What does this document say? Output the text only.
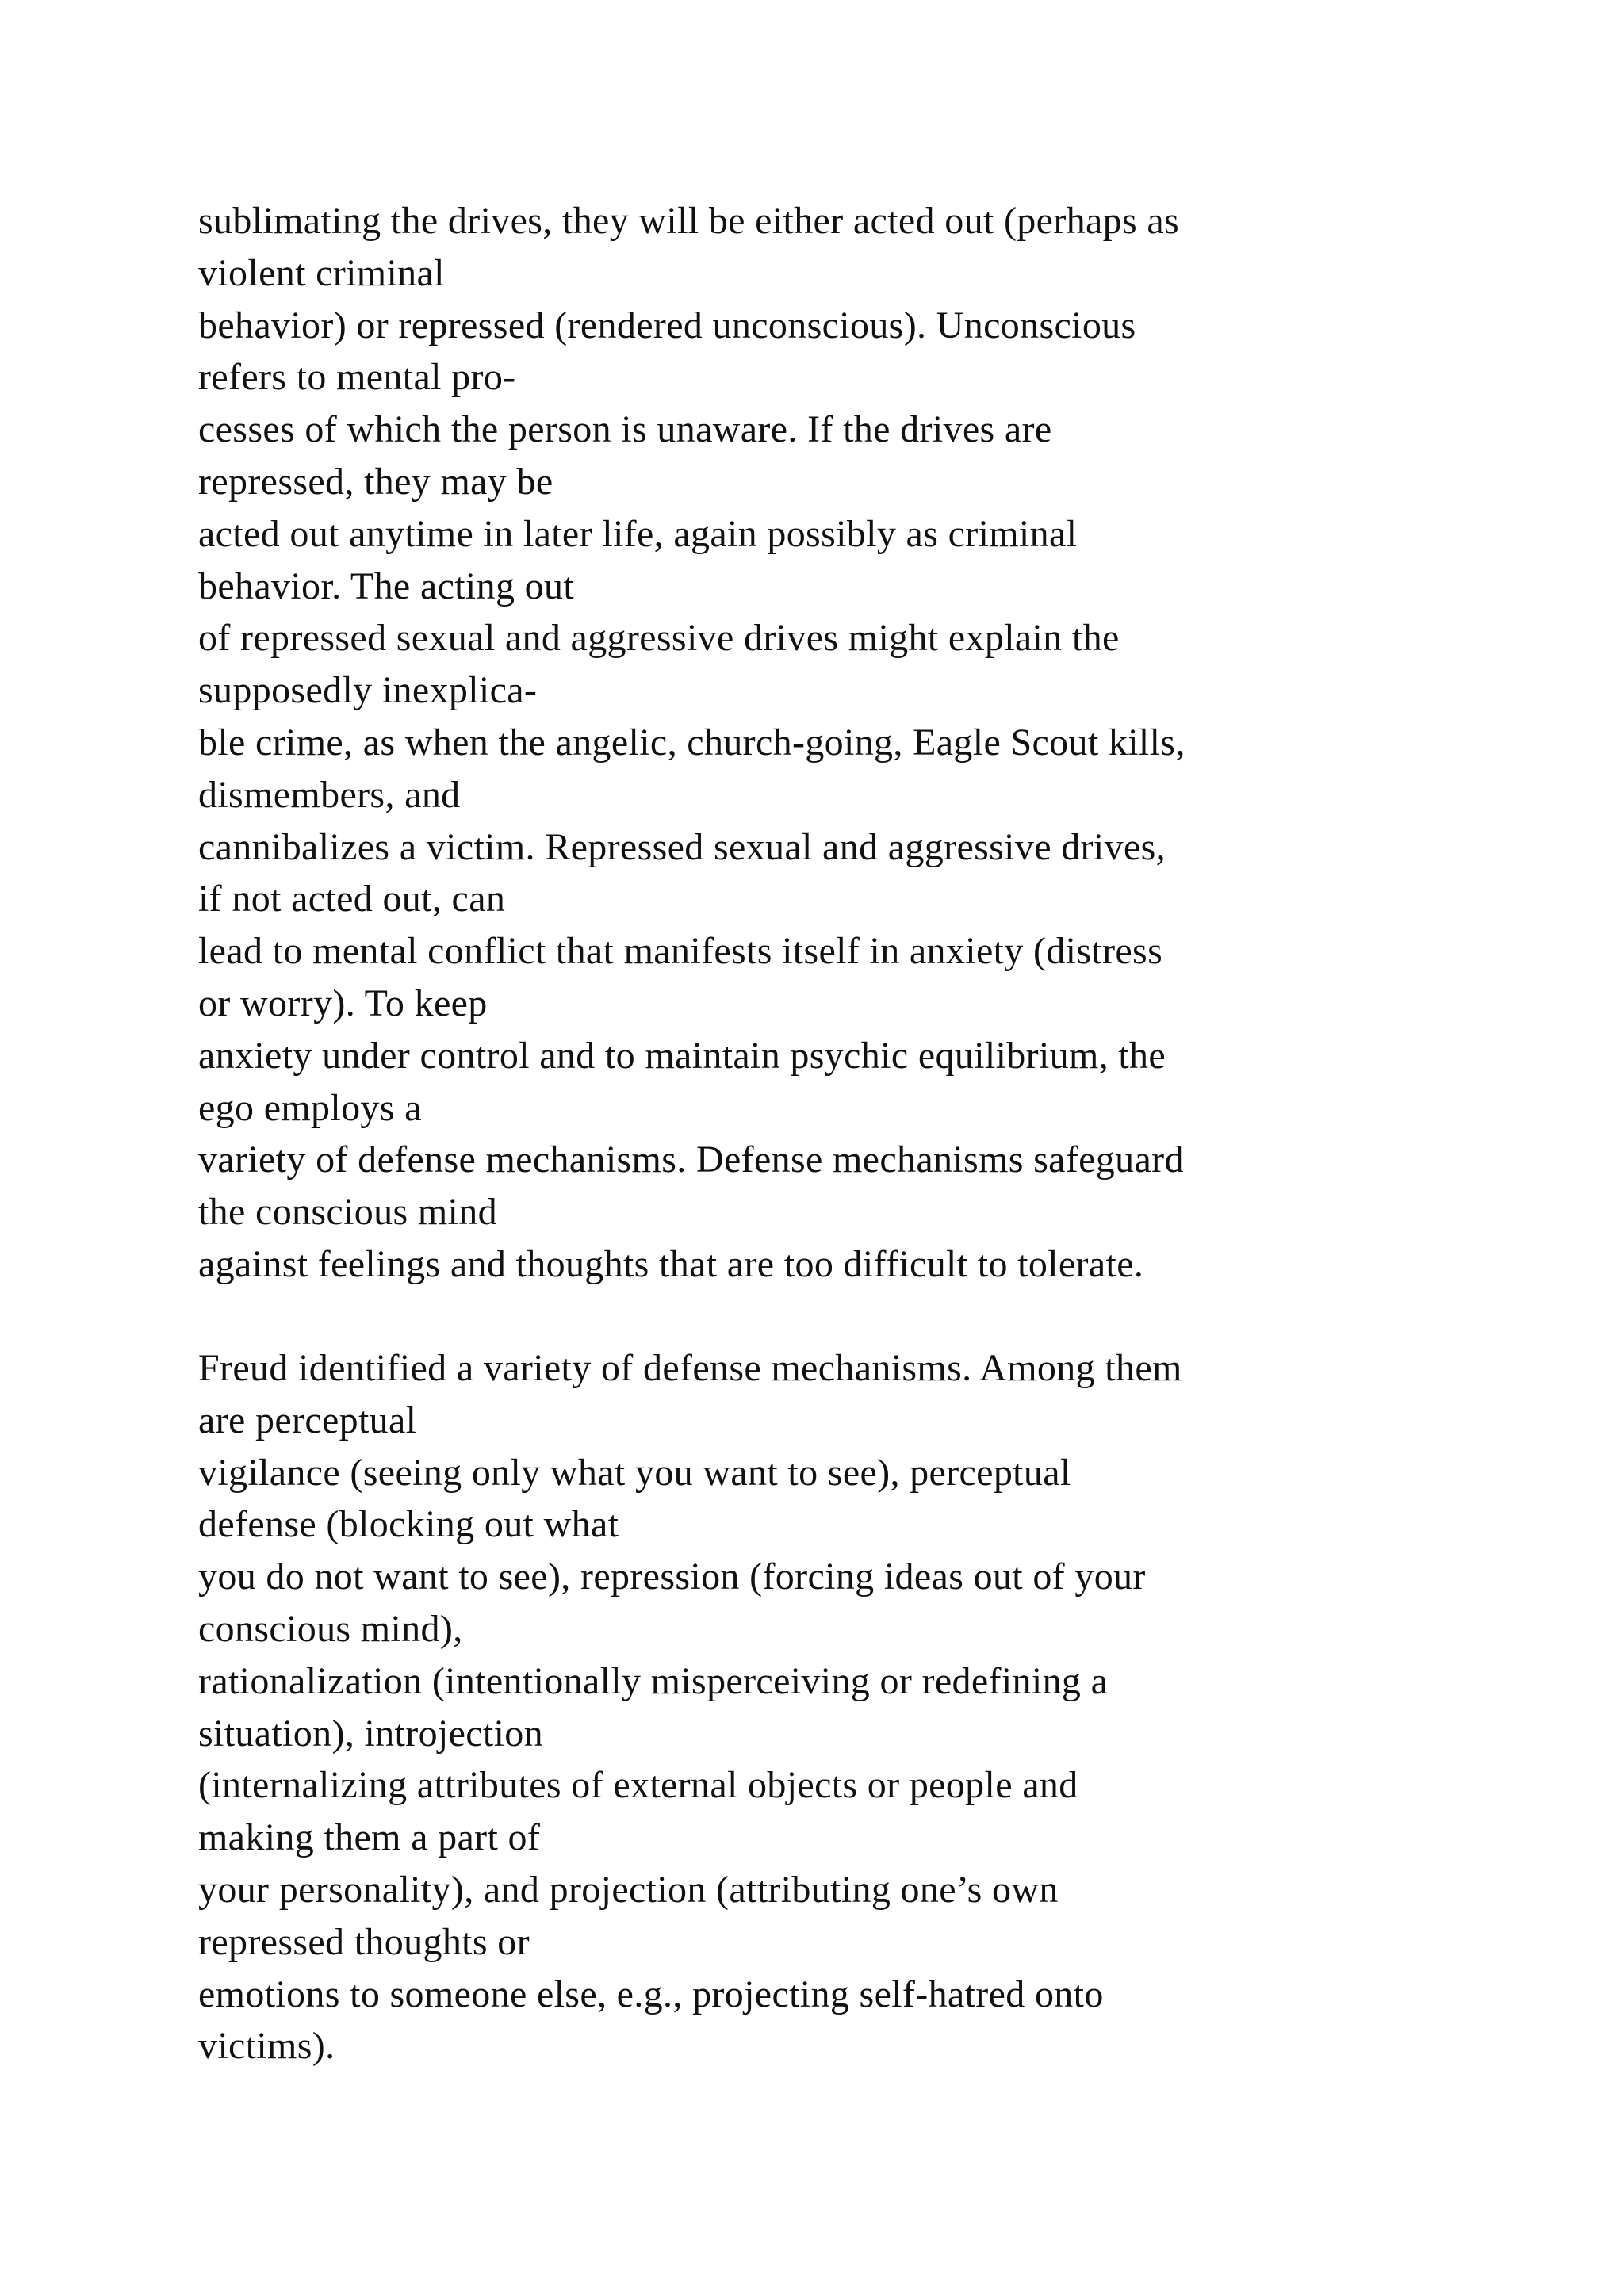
sublimating the drives, they will be either acted out (perhaps as
violent criminal
behavior) or repressed (rendered unconscious). Unconscious
refers to mental pro-
cesses of which the person is unaware. If the drives are
repressed, they may be
acted out anytime in later life, again possibly as criminal
behavior. The acting out
of repressed sexual and aggressive drives might explain the
supposedly inexplica-
ble crime, as when the angelic, church-going, Eagle Scout kills,
dismembers, and
cannibalizes a victim. Repressed sexual and aggressive drives,
if not acted out, can
lead to mental conflict that manifests itself in anxiety (distress
or worry). To keep
anxiety under control and to maintain psychic equilibrium, the
ego employs a
variety of defense mechanisms. Defense mechanisms safeguard
the conscious mind
against feelings and thoughts that are too difficult to tolerate.
Freud identified a variety of defense mechanisms. Among them
are perceptual
vigilance (seeing only what you want to see), perceptual
defense (blocking out what
you do not want to see), repression (forcing ideas out of your
conscious mind),
rationalization (intentionally misperceiving or redefining a
situation), introjection
(internalizing attributes of external objects or people and
making them a part of
your personality), and projection (attributing one’s own
repressed thoughts or
emotions to someone else, e.g., projecting self-hatred onto
victims).
